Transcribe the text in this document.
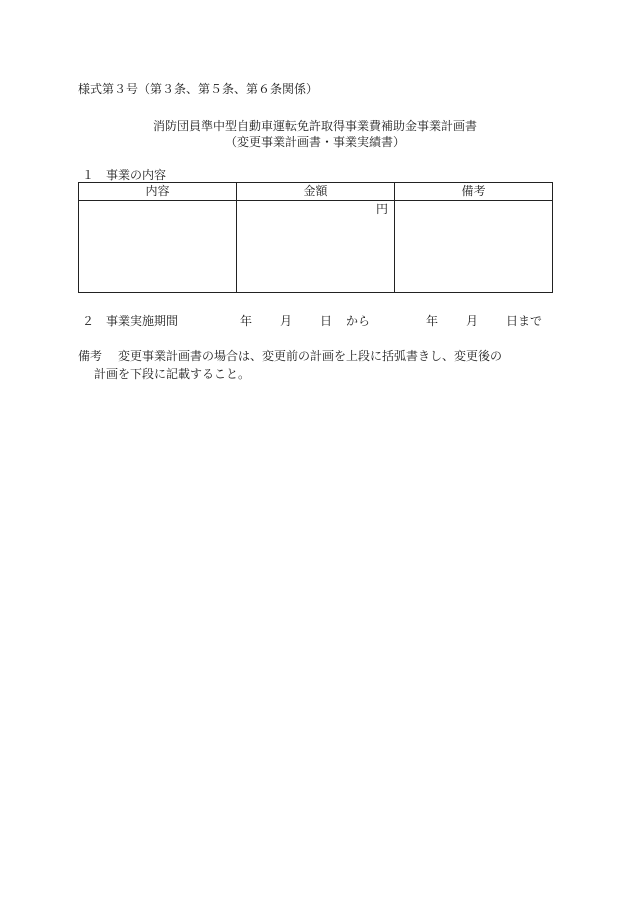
様式第３号（第３条、第５条、第６条関係）
消防団員準中型自動車運転免許取得事業費補助金事業計画書
（変更事業計画書・事業実績書）
１ 事業の内容
内容	金額	備考
	円	
２ 事業実施期間	年 月 日 から	年 月 日まで
備考 変更事業計画書の場合は、変更前の計画を上段に括弧書きし、変更後の
計画を下段に記載すること。
